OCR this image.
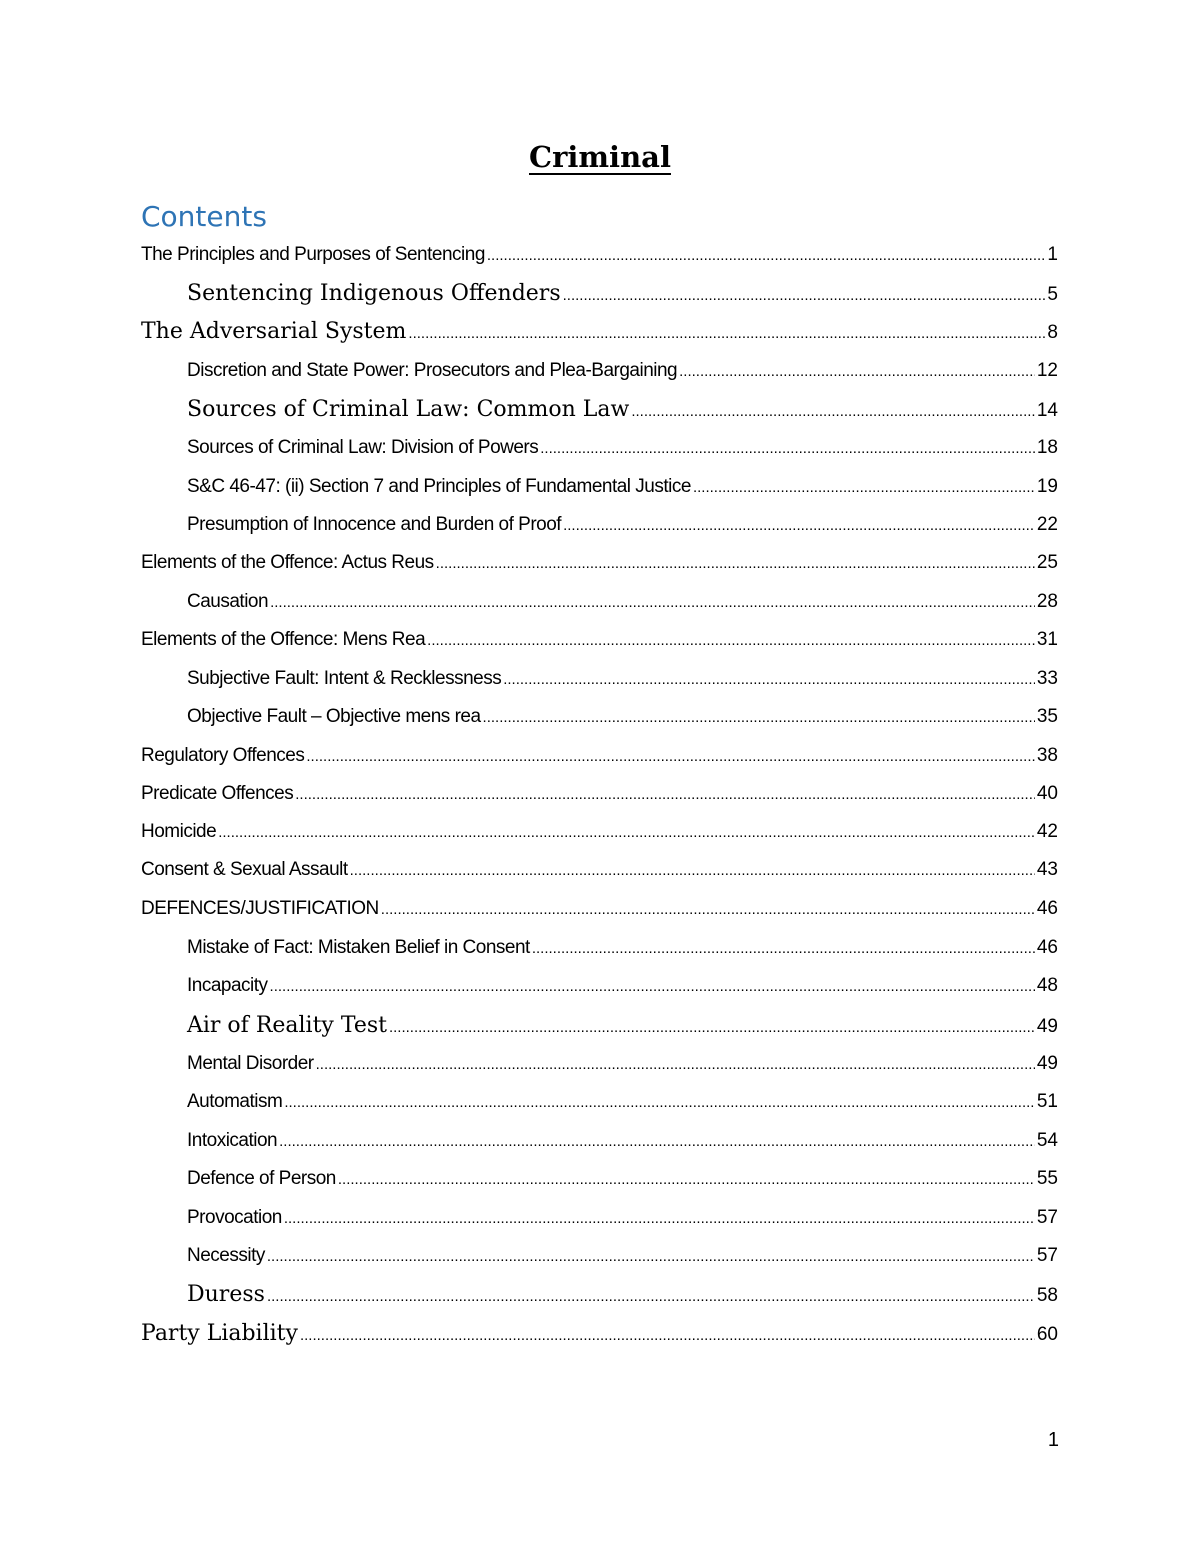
Criminal
Contents
The Principles and Purposes of Sentencing .....	1
Sentencing Indigenous Offenders .....	5
The Adversarial System .....	8
Discretion and State Power: Prosecutors and Plea-Bargaining .....	12
Sources of Criminal Law: Common Law .....	14
Sources of Criminal Law: Division of Powers .....	18
S&C 46-47: (ii) Section 7 and Principles of Fundamental Justice .....	19
Presumption of Innocence and Burden of Proof .....	22
Elements of the Offence: Actus Reus .....	25
Causation .....	28
Elements of the Offence: Mens Rea .....	31
Subjective Fault: Intent & Recklessness .....	33
Objective Fault – Objective mens rea .....	35
Regulatory Offences .....	38
Predicate Offences .....	40
Homicide .....	42
Consent & Sexual Assault .....	43
DEFENCES/JUSTIFICATION .....	46
Mistake of Fact: Mistaken Belief in Consent .....	46
Incapacity .....	48
Air of Reality Test .....	49
Mental Disorder .....	49
Automatism .....	51
Intoxication .....	54
Defence of Person .....	55
Provocation .....	57
Necessity .....	57
Duress .....	58
Party Liability .....	60
1
